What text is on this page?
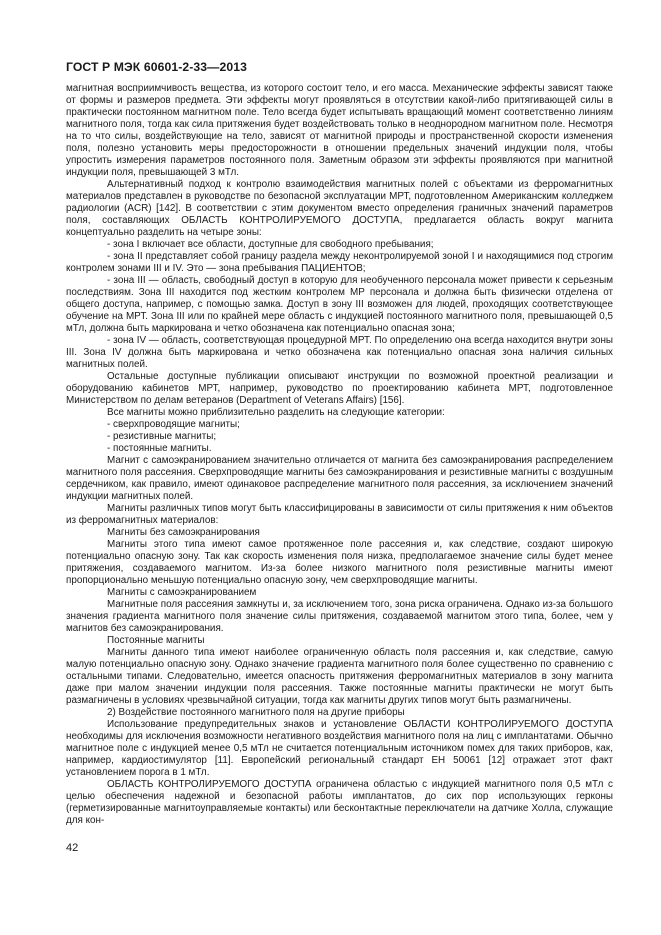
ГОСТ Р МЭК 60601-2-33—2013

магнитная восприимчивость вещества, из которого состоит тело, и его масса. Механические эффекты зависят также от формы и размеров предмета. Эти эффекты могут проявляться в отсутствии какой-либо притягивающей силы в практически постоянном магнитном поле. Тело всегда будет испытывать вращающий момент соответственно линиям магнитного поля, тогда как сила притяжения будет воздействовать только в неоднородном магнитном поле. Несмотря на то что силы, воздействующие на тело, зависят от магнитной природы и пространственной скорости изменения поля, полезно установить меры предосторожности в отношении предельных значений индукции поля, чтобы упростить измерения параметров постоянного поля. Заметным образом эти эффекты проявляются при магнитной индукции поля, превышающей 3 мТл.

Альтернативный подход к контролю взаимодействия магнитных полей с объектами из ферромагнитных материалов представлен в руководстве по безопасной эксплуатации МРТ, подготовленном Американским колледжем радиологии (ACR) [142]. В соответствии с этим документом вместо определения граничных значений параметров поля, составляющих ОБЛАСТЬ КОНТРОЛИРУЕМОГО ДОСТУПА, предлагается область вокруг магнита концептуально разделить на четыре зоны:

- зона I включает все области, доступные для свободного пребывания;

- зона II представляет собой границу раздела между неконтролируемой зоной I и находящимися под строгим контролем зонами III и IV. Это — зона пребывания ПАЦИЕНТОВ;

- зона III — область, свободный доступ в которую для необученного персонала может привести к серьезным последствиям. Зона III находится под жестким контролем МР персонала и должна быть физически отделена от общего доступа, например, с помощью замка. Доступ в зону III возможен для людей, проходящих соответствующее обучение на МРТ. Зона III или по крайней мере область с индукцией постоянного магнитного поля, превышающей 0,5 мТл, должна быть маркирована и четко обозначена как потенциально опасная зона;

- зона IV — область, соответствующая процедурной МРТ. По определению она всегда находится внутри зоны III. Зона IV должна быть маркирована и четко обозначена как потенциально опасная зона наличия сильных магнитных полей.

Остальные доступные публикации описывают инструкции по возможной проектной реализации и оборудованию кабинетов МРТ, например, руководство по проектированию кабинета МРТ, подготовленное Министерством по делам ветеранов (Department of Veterans Affairs) [156].

Все магниты можно приблизительно разделить на следующие категории:

- сверхпроводящие магниты;

- резистивные магниты;

- постоянные магниты.

Магнит с самоэкранированием значительно отличается от магнита без самоэкранирования распределением магнитного поля рассеяния. Сверхпроводящие магниты без самоэкранирования и резистивные магниты с воздушным сердечником, как правило, имеют одинаковое распределение магнитного поля рассеяния, за исключением значений индукции магнитных полей.

Магниты различных типов могут быть классифицированы в зависимости от силы притяжения к ним объектов из ферромагнитных материалов:

Магниты без самоэкранирования

Магниты этого типа имеют самое протяженное поле рассеяния и, как следствие, создают широкую потенциально опасную зону. Так как скорость изменения поля низка, предполагаемое значение силы будет менее притяжения, создаваемого магнитом. Из-за более низкого магнитного поля резистивные магниты имеют пропорционально меньшую потенциально опасную зону, чем сверхпроводящие магниты.

Магниты с самоэкранированием

Магнитные поля рассеяния замкнуты и, за исключением того, зона риска ограничена. Однако из-за большого значения градиента магнитного поля значение силы притяжения, создаваемой магнитом этого типа, более, чем у магнитов без самоэкранирования.

Постоянные магниты

Магниты данного типа имеют наиболее ограниченную область поля рассеяния и, как следствие, самую малую потенциально опасную зону. Однако значение градиента магнитного поля более существенно по сравнению с остальными типами. Следовательно, имеется опасность притяжения ферромагнитных материалов в зону магнита даже при малом значении индукции поля рассеяния. Также постоянные магниты практически не могут быть размагничены в условиях чрезвычайной ситуации, тогда как магниты других типов могут быть размагничены.

2) Воздействие постоянного магнитного поля на другие приборы

Использование предупредительных знаков и установление ОБЛАСТИ КОНТРОЛИРУЕМОГО ДОСТУПА необходимы для исключения возможности негативного воздействия магнитного поля на лиц с имплантатами. Обычно магнитное поле с индукцией менее 0,5 мТл не считается потенциальным источником помех для таких приборов, как, например, кардиостимулятор [11]. Европейский региональный стандарт EH 50061 [12] отражает этот факт установлением порога в 1 мТл.

ОБЛАСТЬ КОНТРОЛИРУЕМОГО ДОСТУПА ограничена областью с индукцией магнитного поля 0,5 мТл с целью обеспечения надежной и безопасной работы имплантатов, до сих пор использующих герконы (герметизированные магнитоуправляемые контакты) или бесконтактные переключатели на датчике Холла, служащие для кон-

42
